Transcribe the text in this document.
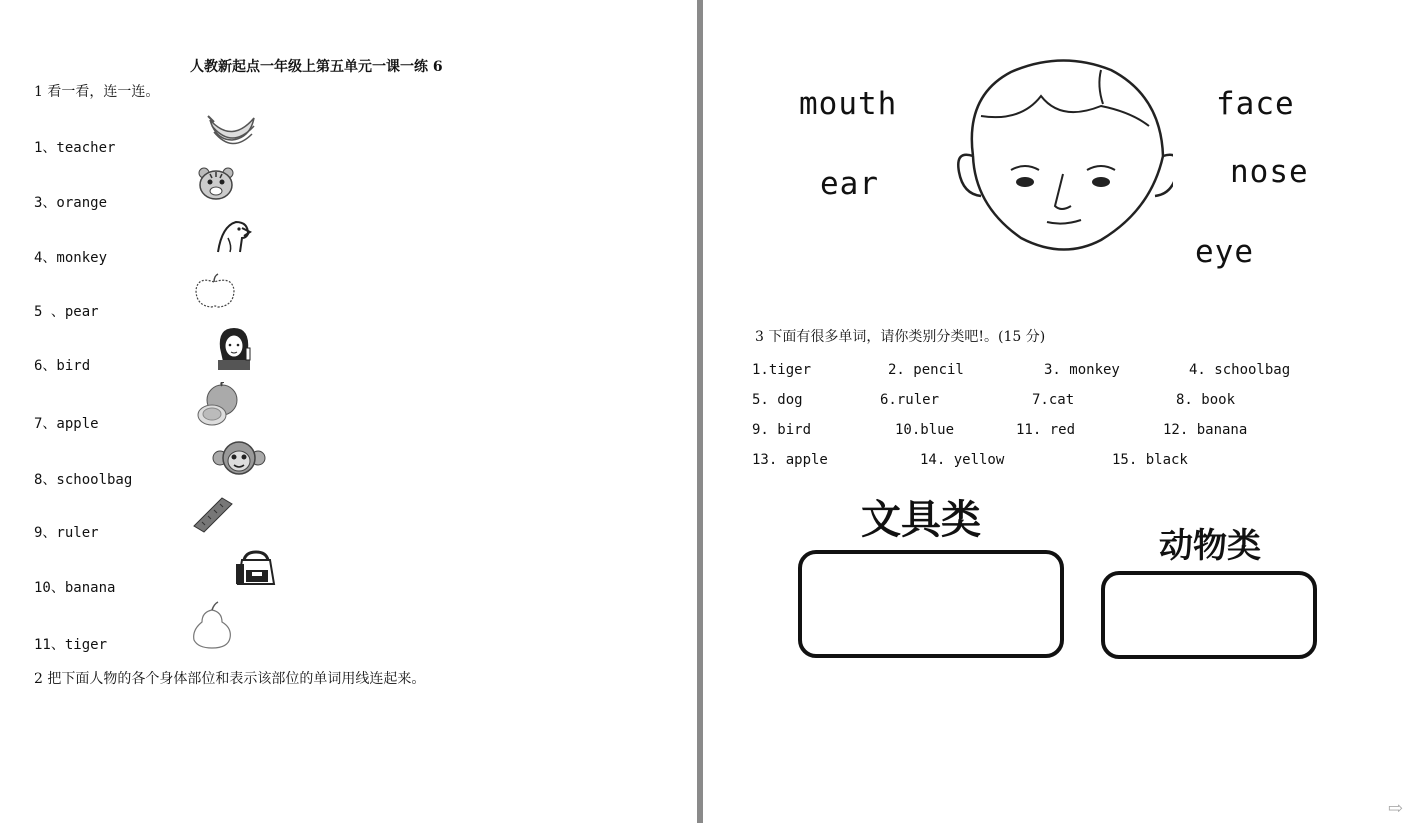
人教新起点一年级上第五单元一课一练 6
1 看一看，连一连。
1、teacher
3、orange
4、monkey
5 、pear
6、bird
7、apple
8、schoolbag
9、ruler
10、banana
11、tiger
2 把下面人物的各个身体部位和表示该部位的单词用线连起来。
mouth	face
ear	nose
eye
3 下面有很多单词，请你类别分类吧!。(15 分)
1.tiger	2. pencil	3. monkey	4. schoolbag
5. dog	6.ruler	7.cat	8. book
9. bird	10.blue	11. red	12. banana
13. apple	14. yellow	15. black
文具类
动物类
⇨
